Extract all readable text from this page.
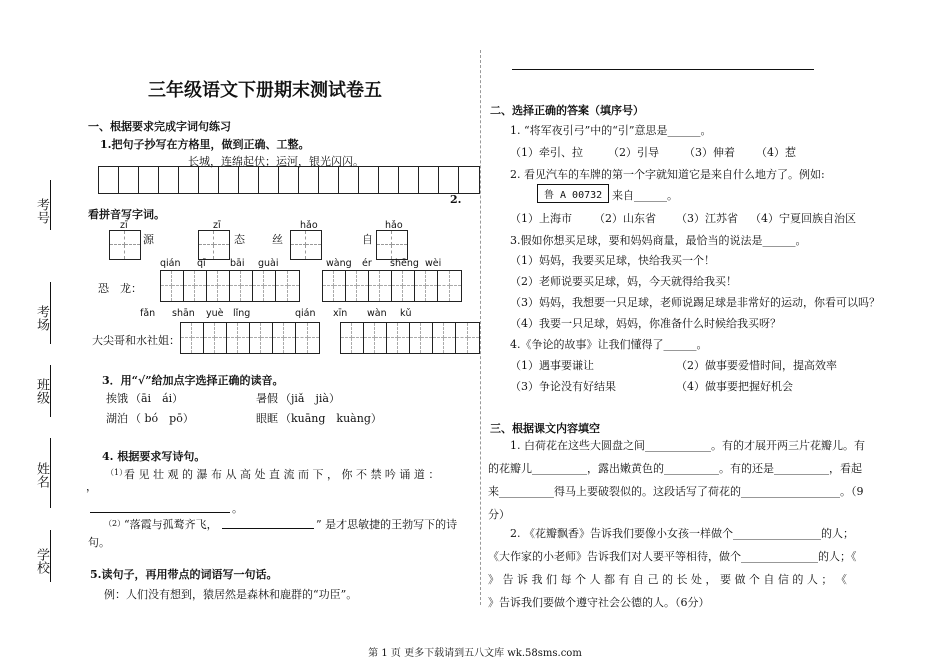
考号
考场
班级
姓名
学校
三年级语文下册期末测试卷五
一、根据要求完成字词句练习
1.把句子抄写在方格里，做到正确、工整。
长城，连绵起伏；运河，银光闪闪。
2.
看拼音写字词。
zī
源
zī
态 丝
hǎo
自
hǎo
qián qī	bāi guài	wàng ér shēng wèi
恐　龙：
fǎn shān yuè lǐng	qián xīn wàn kǔ
大尖哥和水社姐：
3．用“√”给加点字选择正确的读音。
挨饿 （āi　ái）	暑假 （jiǎ　jià）
湖泊 （ bó　pō）	眼眶 （kuāng　kuàng）
4. 根据要求写诗句。
（1）
看 见 壮 观 的 瀑 布 从 高 处 直 流 而 下 ， 你 不 禁 吟 诵 道 ：
，
。
（2）
“落霞与孤鹜齐飞，	” 是才思敏捷的王勃写下的诗
句。
5.读句子，再用带点的词语写一句话。
例：人们没有想到，猿居然是森林和鹿群的“功臣”。
二、选择正确的答案（填序号）
1. “将军夜引弓”中的“引”意思是______。
（1）牵引、拉 （2）引导 （3）伸着 （4）惹
2. 看见汽车的车牌的第一个字就知道它是来自什么地方了。例如:
鲁 A 00732 来自______。
（1）上海市 （2）山东省 （3）江苏省 （4）宁夏回族自治区
3.假如你想买足球，要和妈妈商量，最恰当的说法是______。
（1）妈妈，我要买足球，快给我买一个！
（2）老师说要买足球，妈，今天就得给我买！
（3）妈妈，我想要一只足球，老师说踢足球是非常好的运动，你看可以吗？
（4）我要一只足球，妈妈，你准备什么时候给我买呀？
4.《争论的故事》让我们懂得了______。
（1）遇事要谦让	（2）做事要爱惜时间，提高效率
（3）争论没有好结果	（4）做事要把握好机会
三、根据课文内容填空
1. 白荷花在这些大圆盘之间____________。有的才展开两三片花瓣儿。有
的花瓣儿__________，露出嫩黄色的__________。有的还是__________，看起
来__________得马上要破裂似的。这段话写了荷花的__________________。（9
分）
2. 《花瓣飘香》告诉我们要像小女孩一样做个________________的人；
《大作家的小老师》告诉我们对人要平等相待，做个______________的人；《
》 告 诉 我 们 每 个 人 都 有 自 己 的 长 处 ， 要 做 个 自 信 的 人 ； 《
》告诉我们要做个遵守社会公德的人。（6分）
第 1 页 更多下载请到五八文库 wk.58sms.com
